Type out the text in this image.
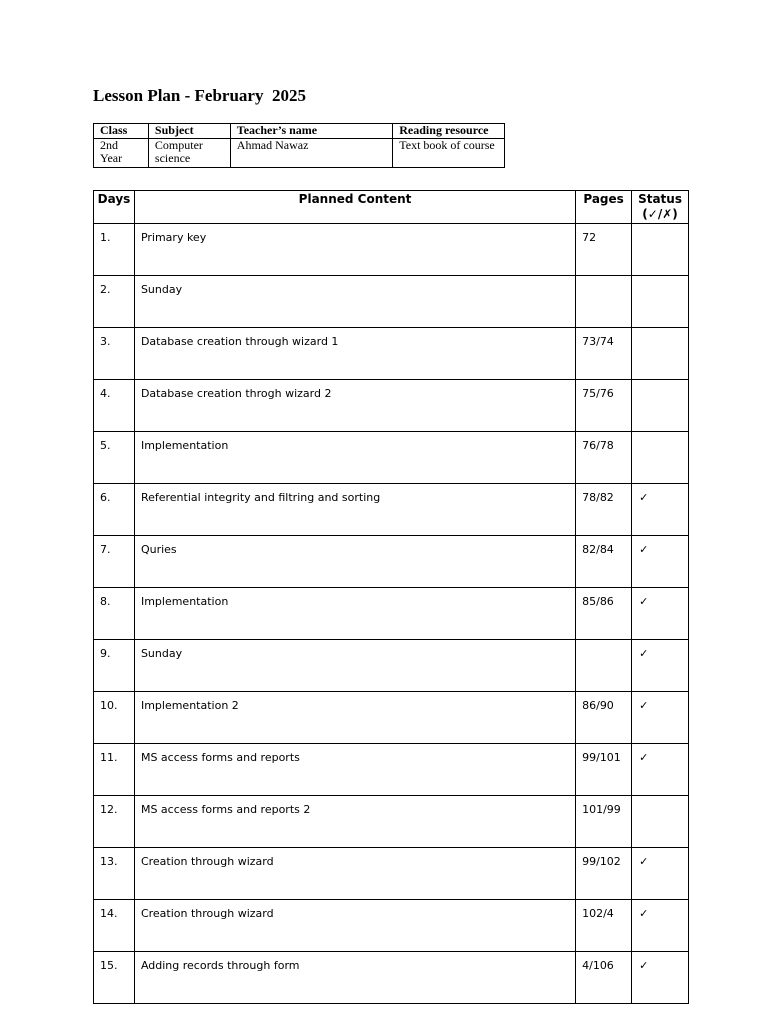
Lesson Plan - February  2025
Class	Subject	Teacher’s name	Reading resource
2nd Year	Computer science	Ahmad Nawaz	Text book of course
Days	Planned Content	Pages	Status (✓/✗)
1.	Primary key	72	
2.	Sunday		
3.	Database creation through wizard 1	73/74	
4.	Database creation throgh wizard 2	75/76	
5.	Implementation	76/78	
6.	Referential integrity and filtring and sorting	78/82	✓
7.	Quries	82/84	✓
8.	Implementation	85/86	✓
9.	Sunday		✓
10.	Implementation 2	86/90	✓
11.	MS access forms and reports	99/101	✓
12.	MS access forms and reports 2	101/99	
13.	Creation through wizard	99/102	✓
14.	Creation through wizard	102/4	✓
15.	Adding records through form	4/106	✓
